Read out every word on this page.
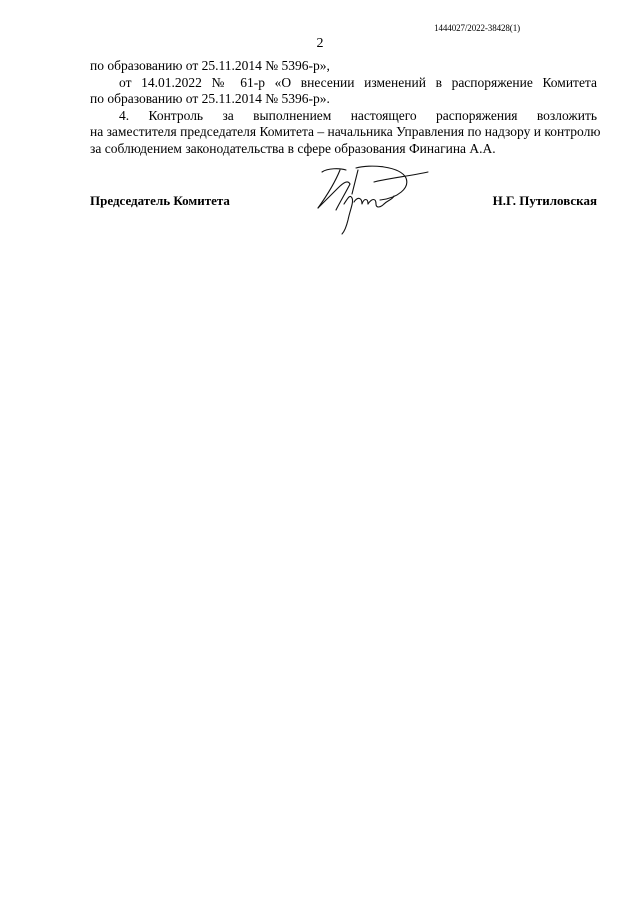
1444027/2022-38428(1)
2
по образованию от 25.11.2014 № 5396-р»,
от 14.01.2022 № 61-р «О внесении изменений в распоряжение Комитета
по образованию от 25.11.2014 № 5396-р».
4. Контроль за выполнением настоящего распоряжения возложить
на заместителя председателя Комитета – начальника Управления по надзору и контролю
за соблюдением законодательства в сфере образования Финагина А.А.
Председатель Комитета	Н.Г. Путиловская
